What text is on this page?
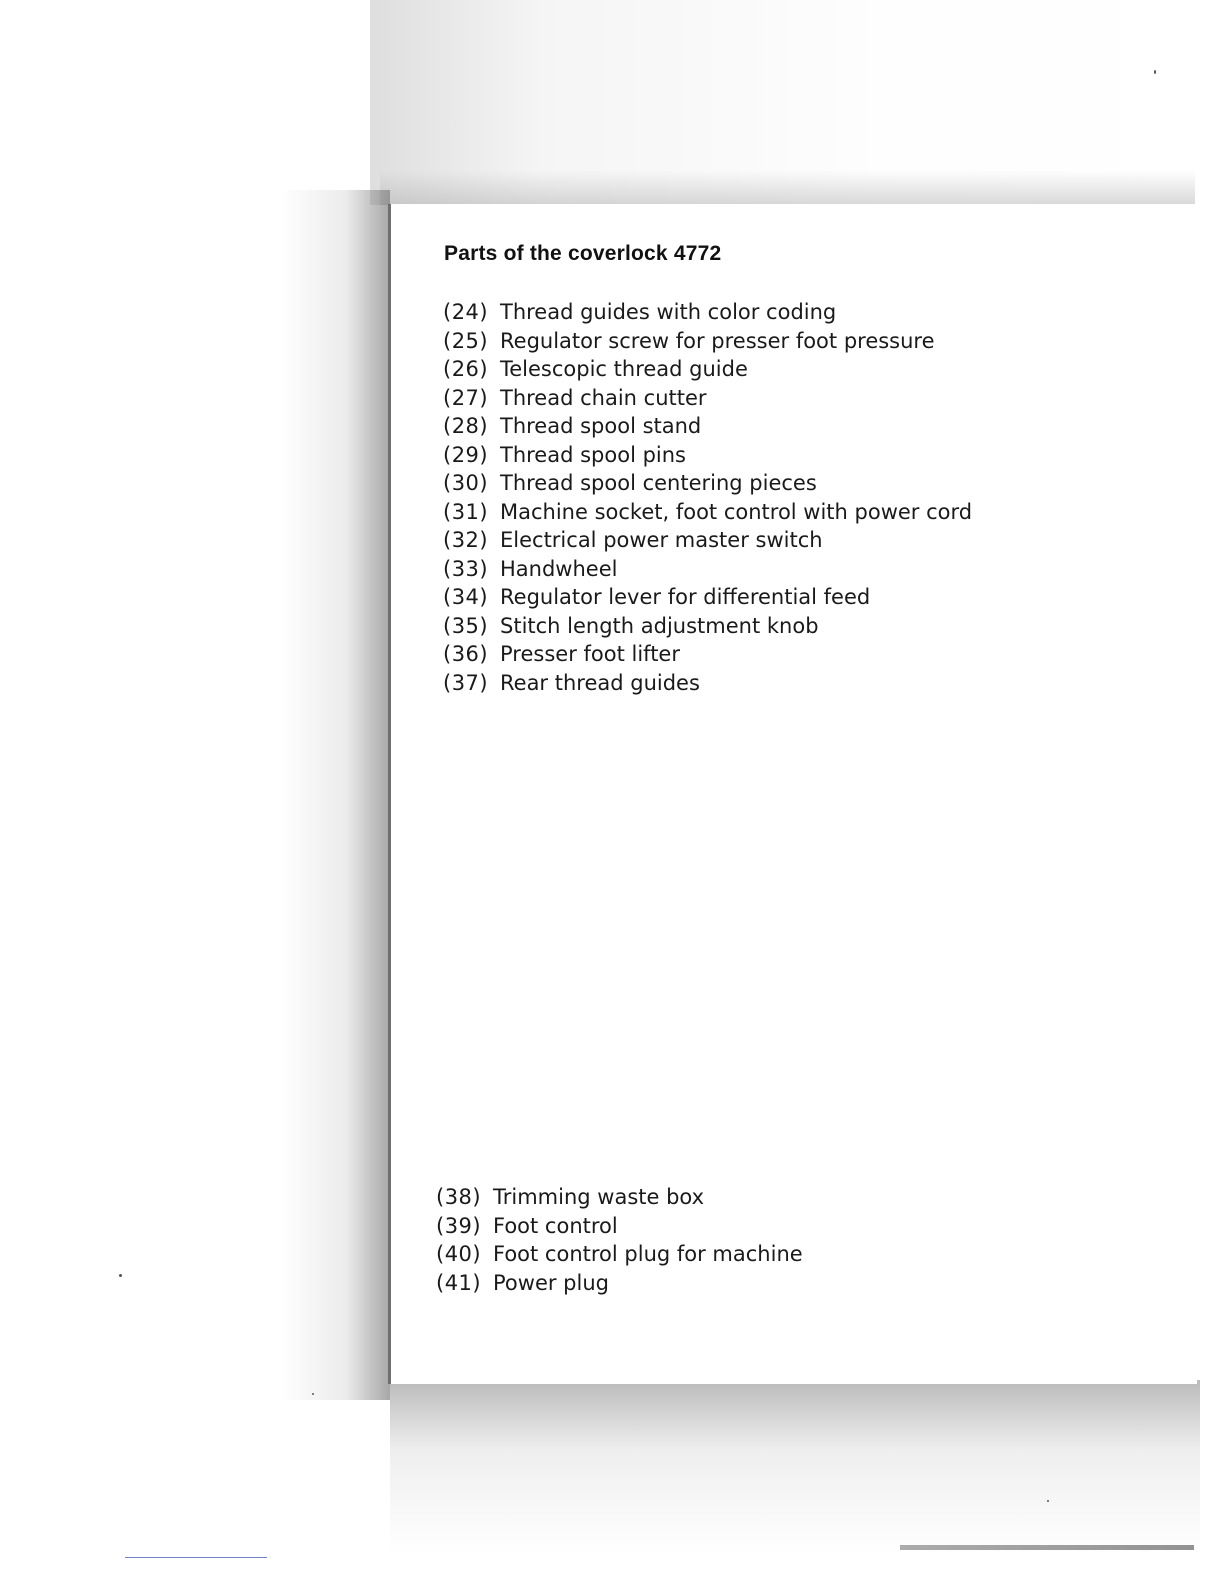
Parts of the coverlock 4772
(24) Thread guides with color coding
(25) Regulator screw for presser foot pressure
(26) Telescopic thread guide
(27) Thread chain cutter
(28) Thread spool stand
(29) Thread spool pins
(30) Thread spool centering pieces
(31) Machine socket, foot control with power cord
(32) Electrical power master switch
(33) Handwheel
(34) Regulator lever for differential feed
(35) Stitch length adjustment knob
(36) Presser foot lifter
(37) Rear thread guides
(38) Trimming waste box
(39) Foot control
(40) Foot control plug for machine
(41) Power plug
